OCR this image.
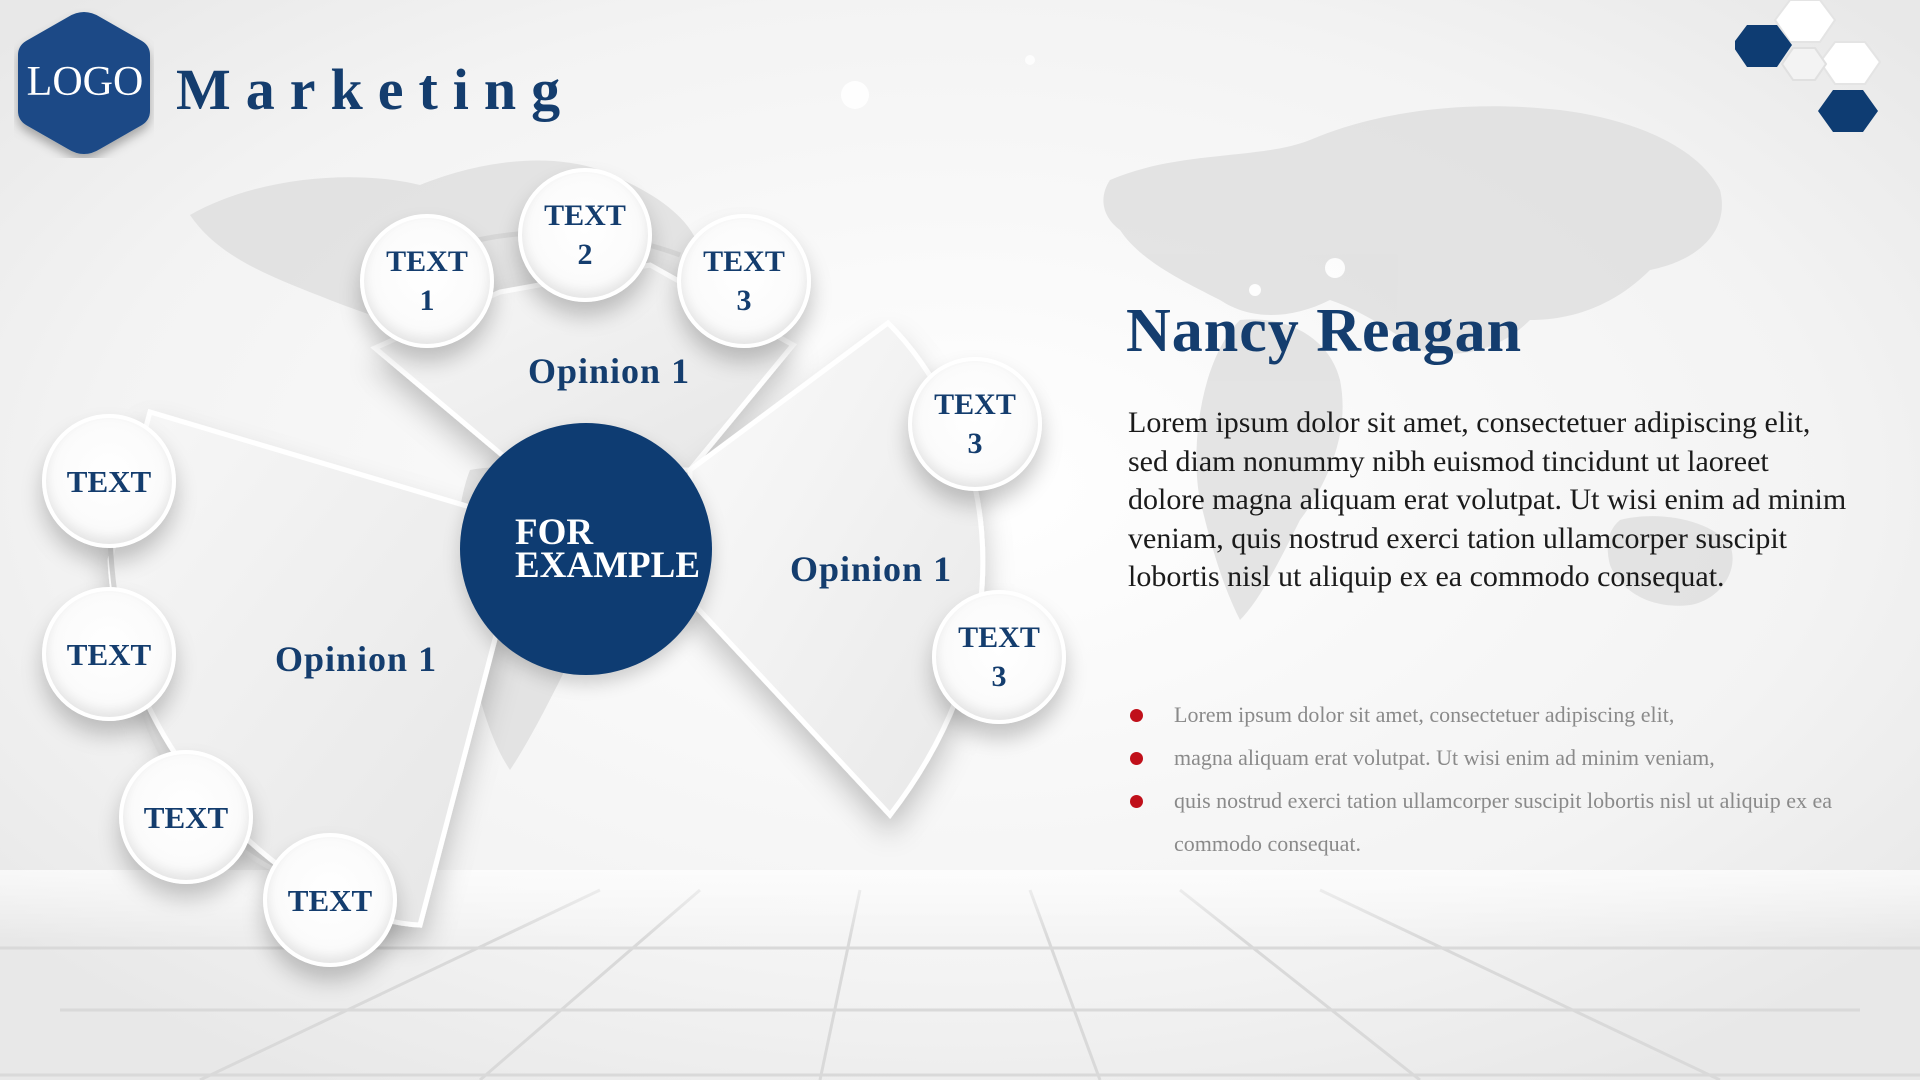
LOGO Marketing
FOR
EXAMPLE
Opinion 1
Opinion 1
Opinion 1
TEXT 1
TEXT 2	TEXT 3
TEXT 3
TEXT 3
TEXT
TEXT
TEXT
TEXT
Nancy Reagan
Lorem ipsum dolor sit amet, consectetuer adipiscing elit, sed diam nonummy nibh euismod tincidunt ut laoreet dolore magna aliquam erat volutpat. Ut wisi enim ad minim veniam, quis nostrud exerci tation ullamcorper suscipit lobortis nisl ut aliquip ex ea commodo consequat.
Lorem ipsum dolor sit amet, consectetuer adipiscing elit,
magna aliquam erat volutpat. Ut wisi enim ad minim veniam,
quis nostrud exerci tation ullamcorper suscipit lobortis nisl ut aliquip ex ea commodo consequat.
